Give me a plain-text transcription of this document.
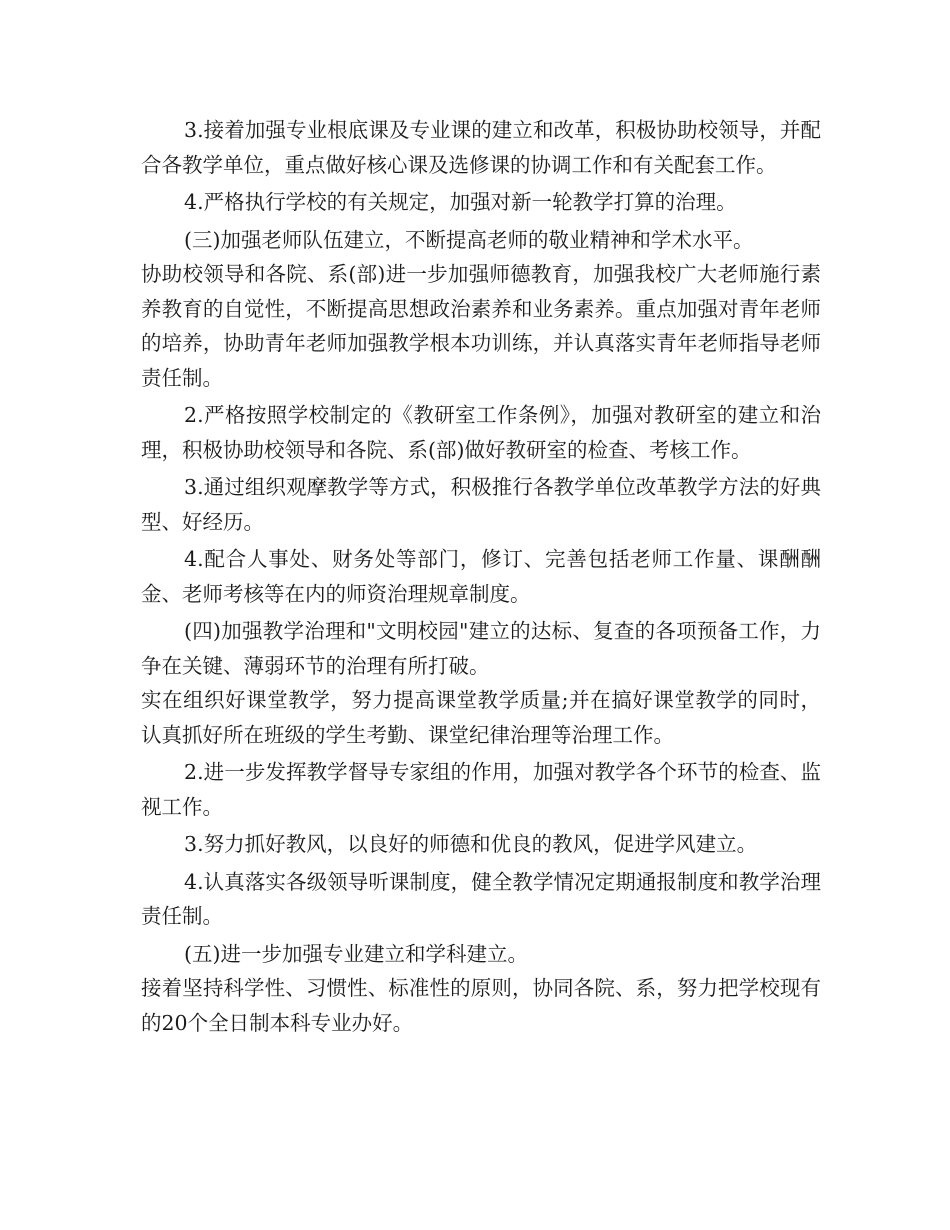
3.接着加强专业根底课及专业课的建立和改革，积极协助校领导，并配合各教学单位，重点做好核心课及选修课的协调工作和有关配套工作。

4.严格执行学校的有关规定，加强对新一轮教学打算的治理。

(三)加强老师队伍建立，不断提高老师的敬业精神和学术水平。

协助校领导和各院、系(部)进一步加强师德教育，加强我校广大老师施行素养教育的自觉性，不断提高思想政治素养和业务素养。重点加强对青年老师的培养，协助青年老师加强教学根本功训练，并认真落实青年老师指导老师责任制。

2.严格按照学校制定的《教研室工作条例》，加强对教研室的建立和治理，积极协助校领导和各院、系(部)做好教研室的检查、考核工作。

3.通过组织观摩教学等方式，积极推行各教学单位改革教学方法的好典型、好经历。

4.配合人事处、财务处等部门，修订、完善包括老师工作量、课酬酬金、老师考核等在内的师资治理规章制度。

(四)加强教学治理和"文明校园"建立的达标、复查的各项预备工作，力争在关键、薄弱环节的治理有所打破。

实在组织好课堂教学，努力提高课堂教学质量;并在搞好课堂教学的同时，认真抓好所在班级的学生考勤、课堂纪律治理等治理工作。

2.进一步发挥教学督导专家组的作用，加强对教学各个环节的检查、监视工作。

3.努力抓好教风，以良好的师德和优良的教风，促进学风建立。

4.认真落实各级领导听课制度，健全教学情况定期通报制度和教学治理责任制。

(五)进一步加强专业建立和学科建立。

接着坚持科学性、习惯性、标准性的原则，协同各院、系，努力把学校现有的20个全日制本科专业办好。
